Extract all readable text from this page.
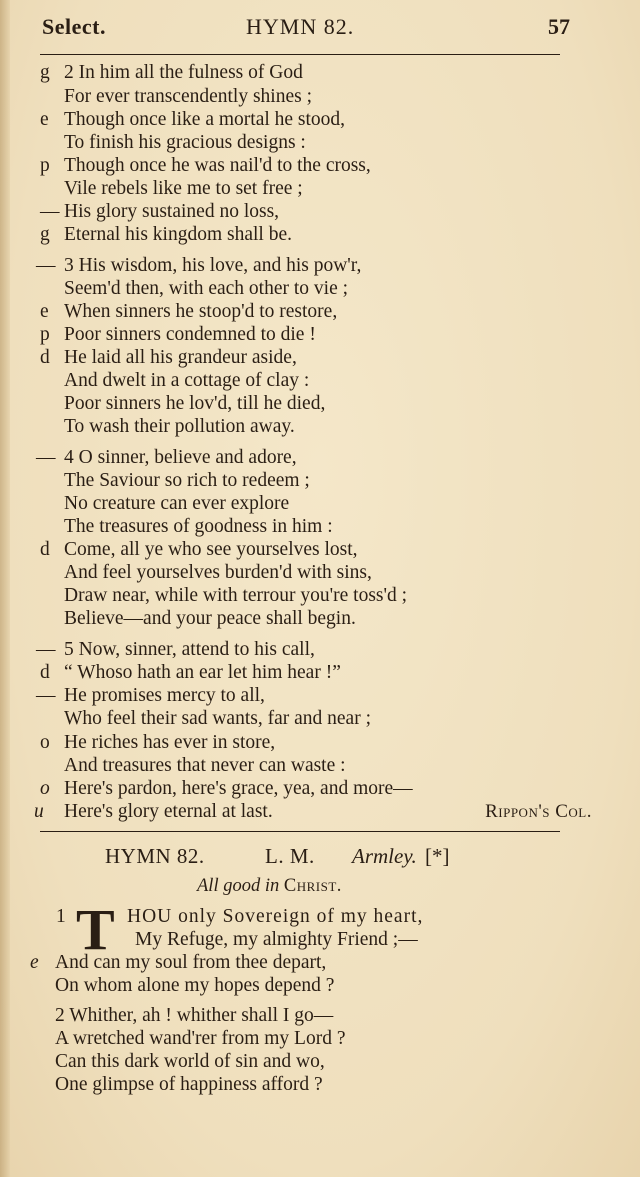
Select.	HYMN 82.	57
g 2 In him all the fulness of God
For ever transcendently shines ;
e Though once like a mortal he stood,
To finish his gracious designs :
p Though once he was nail'd to the cross,
Vile rebels like me to set free ;
— His glory sustained no loss,
g Eternal his kingdom shall be.
— 3 His wisdom, his love, and his pow'r,
Seem'd then, with each other to vie ;
e When sinners he stoop'd to restore,
p Poor sinners condemned to die !
d He laid all his grandeur aside,
And dwelt in a cottage of clay :
Poor sinners he lov'd, till he died,
To wash their pollution away.
— 4 O sinner, believe and adore,
The Saviour so rich to redeem ;
No creature can ever explore
The treasures of goodness in him :
d Come, all ye who see yourselves lost,
And feel yourselves burden'd with sins,
Draw near, while with terrour you're toss'd ;
Believe—and your peace shall begin.
— 5 Now, sinner, attend to his call,
d “ Whoso hath an ear let him hear !”
— He promises mercy to all,
Who feel their sad wants, far and near ;
o He riches has ever in store,
And treasures that never can waste :
o Here's pardon, here's grace, yea, and more—
u	Here's glory eternal at last.	Rippon's Col.
HYMN 82.	L. M. Armley. [*]
All good in Christ.
1 T HOU only Sovereign of my heart,
My Refuge, my almighty Friend ;—
e And can my soul from thee depart,
On whom alone my hopes depend ?
2 Whither, ah ! whither shall I go—
A wretched wand'rer from my Lord ?
Can this dark world of sin and wo,
One glimpse of happiness afford ?
